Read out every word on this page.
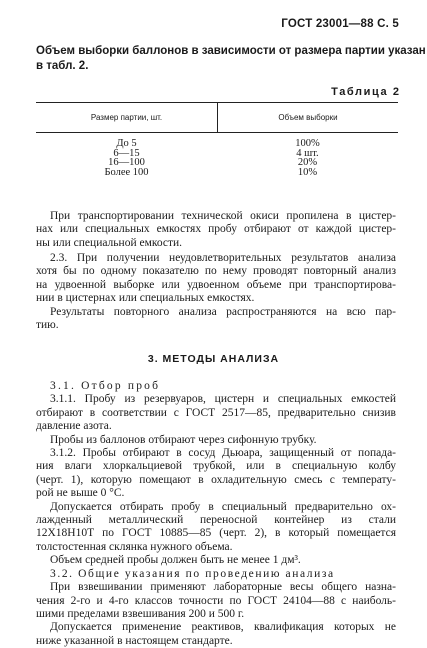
ГОСТ 23001—88 С. 5
Объем выборки баллонов в зависимости от размера партии указан
в табл. 2.
Таблица 2
Размер партии, шт.	Объем выборки
До 5
6—15
16—100
Более 100
100%
4 шт.
20%
10%
При транспортировании технической окиси пропилена в цистер-
нах или специальных емкостях пробу отбирают от каждой цистер-
ны или специальной емкости.
2.3. При получении неудовлетворительных результатов анализа
хотя бы по одному показателю по нему проводят повторный анализ
на удвоенной выборке или удвоенном объеме при транспортирова-
нии в цистернах или специальных емкостях.
Результаты повторного анализа распространяются на всю пар-
тию.
3. МЕТОДЫ АНАЛИЗА
3.1. Отбор проб
3.1.1. Пробу из резервуаров, цистерн и специальных емкостей
отбирают в соответствии с ГОСТ 2517—85, предварительно снизив
давление азота.
Пробы из баллонов отбирают через сифонную трубку.
3.1.2. Пробы отбирают в сосуд Дьюара, защищенный от попада-
ния влаги хлоркальциевой трубкой, или в специальную колбу
(черт. 1), которую помещают в охладительную смесь с температу-
рой не выше 0 °С.
Допускается отбирать пробу в специальный предварительно ох-
лажденный металлический переносной контейнер из стали
12Х18Н10Т по ГОСТ 10885—85 (черт. 2), в который помещается
толстостенная склянка нужного объема.
Объем средней пробы должен быть не менее 1 дм³.
3.2. Общие указания по проведению анализа
При взвешивании применяют лабораторные весы общего назна-
чения 2-го и 4-го классов точности по ГОСТ 24104—88 с наиболь-
шими пределами взвешивания 200 и 500 г.
Допускается применение реактивов, квалификация которых не
ниже указанной в настоящем стандарте.
